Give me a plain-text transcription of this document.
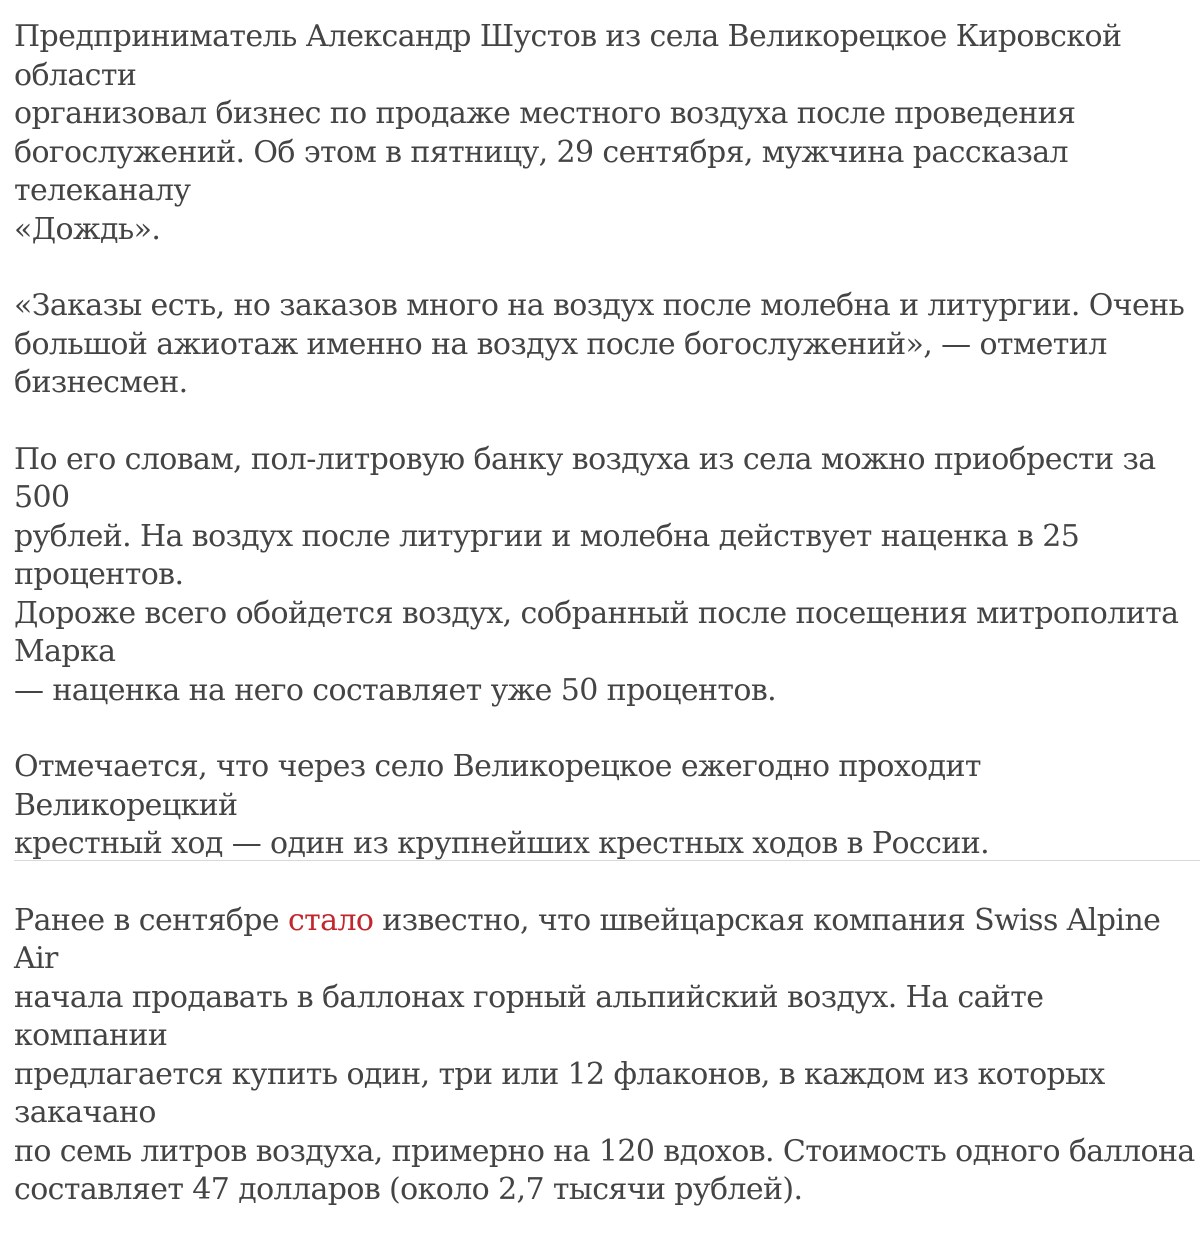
Предприниматель Александр Шустов из села Великорецкое Кировской области
организовал бизнес по продаже местного воздуха после проведения
богослужений. Об этом в пятницу, 29 сентября, мужчина рассказал телеканалу
«Дождь».

«Заказы есть, но заказов много на воздух после молебна и литургии. Очень
большой ажиотаж именно на воздух после богослужений», — отметил бизнесмен.

По его словам, пол-литровую банку воздуха из села можно приобрести за 500
рублей. На воздух после литургии и молебна действует наценка в 25 процентов.
Дороже всего обойдется воздух, собранный после посещения митрополита Марка
— наценка на него составляет уже 50 процентов.

Отмечается, что через село Великорецкое ежегодно проходит Великорецкий
крестный ход — один из крупнейших крестных ходов в России.

Ранее в сентябре стало известно, что швейцарская компания Swiss Alpine Air
начала продавать в баллонах горный альпийский воздух. На сайте компании
предлагается купить один, три или 12 флаконов, в каждом из которых закачано
по семь литров воздуха, примерно на 120 вдохов. Стоимость одного баллона
составляет 47 долларов (около 2,7 тысячи рублей).
